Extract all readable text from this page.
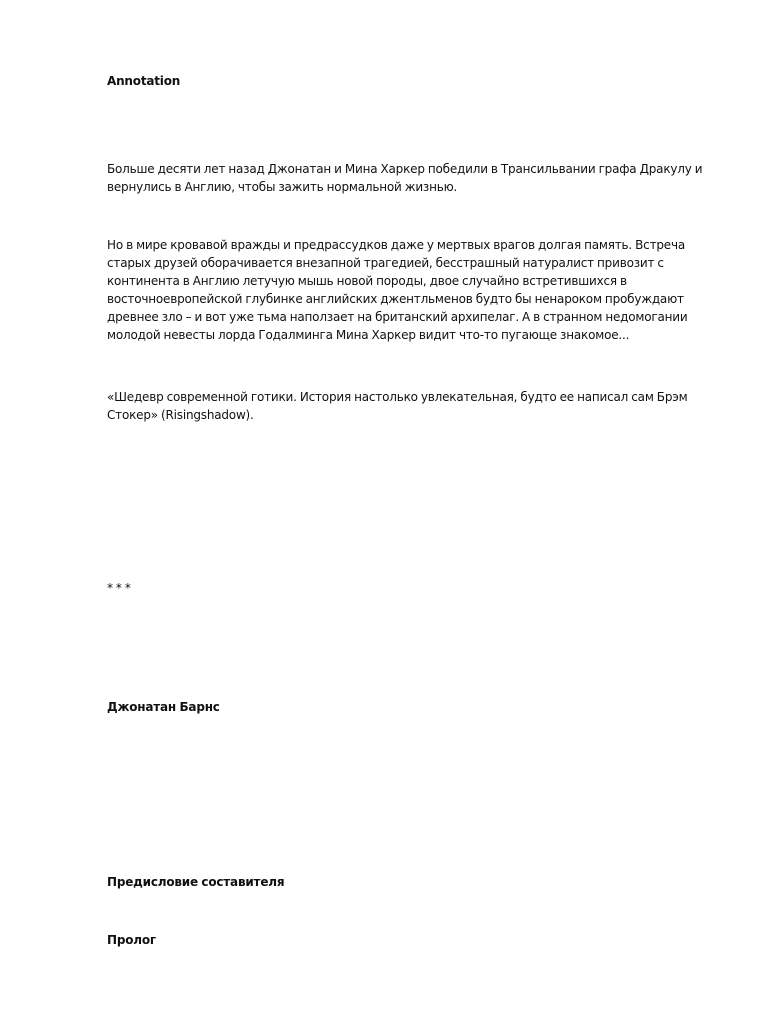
Annotation

Больше десяти лет назад Джонатан и Мина Харкер победили в Трансильвании графа Дракулу и вернулись в Англию, чтобы зажить нормальной жизнью.

Но в мире кровавой вражды и предрассудков даже у мертвых врагов долгая память. Встреча старых друзей оборачивается внезапной трагедией, бесстрашный натуралист привозит с континента в Англию летучую мышь новой породы, двое случайно встретившихся в восточноевропейской глубинке английских джентльменов будто бы ненароком пробуждают древнее зло – и вот уже тьма наползает на британский архипелаг. А в странном недомогании молодой невесты лорда Годалминга Мина Харкер видит что-то пугающе знакомое...

«Шедевр современной готики. История настолько увлекательная, будто ее написал сам Брэм Стокер» (Risingshadow).

* * *

Джонатан Барнс

Предисловие составителя

Пролог
